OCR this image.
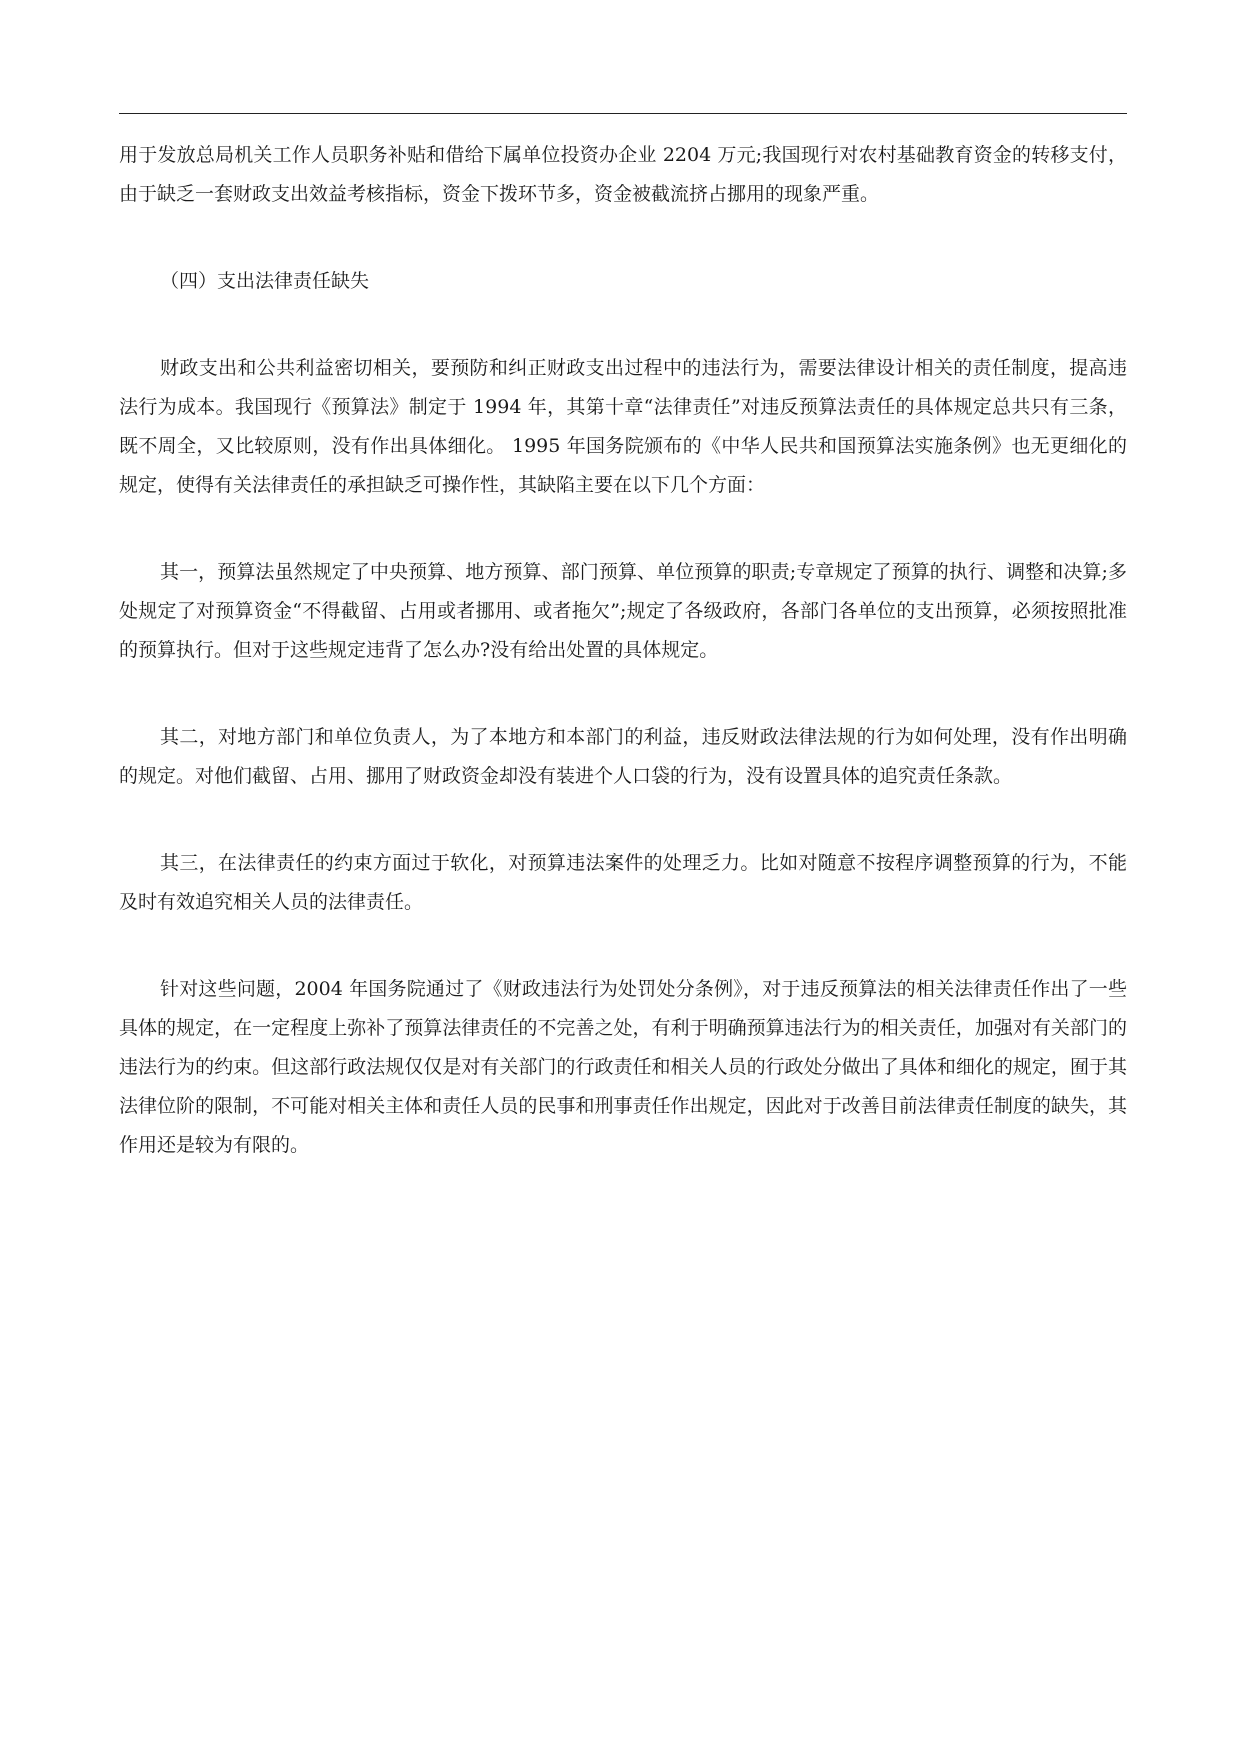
用于发放总局机关工作人员职务补贴和借给下属单位投资办企业 2204 万元;我国现行对农村基础教育资金的转移支付，由于缺乏一套财政支出效益考核指标，资金下拨环节多，资金被截流挤占挪用的现象严重。

（四）支出法律责任缺失

财政支出和公共利益密切相关，要预防和纠正财政支出过程中的违法行为，需要法律设计相关的责任制度，提高违法行为成本。我国现行《预算法》制定于 1994 年，其第十章“法律责任”对违反预算法责任的具体规定总共只有三条，既不周全，又比较原则，没有作出具体细化。 1995 年国务院颁布的《中华人民共和国预算法实施条例》也无更细化的规定，使得有关法律责任的承担缺乏可操作性，其缺陷主要在以下几个方面：

其一，预算法虽然规定了中央预算、地方预算、部门预算、单位预算的职责;专章规定了预算的执行、调整和决算;多处规定了对预算资金“不得截留、占用或者挪用、或者拖欠”;规定了各级政府，各部门各单位的支出预算，必须按照批准的预算执行。但对于这些规定违背了怎么办?没有给出处置的具体规定。

其二，对地方部门和单位负责人，为了本地方和本部门的利益，违反财政法律法规的行为如何处理，没有作出明确的规定。对他们截留、占用、挪用了财政资金却没有装进个人口袋的行为，没有设置具体的追究责任条款。

其三，在法律责任的约束方面过于软化，对预算违法案件的处理乏力。比如对随意不按程序调整预算的行为，不能及时有效追究相关人员的法律责任。

针对这些问题，2004 年国务院通过了《财政违法行为处罚处分条例》，对于违反预算法的相关法律责任作出了一些具体的规定，在一定程度上弥补了预算法律责任的不完善之处，有利于明确预算违法行为的相关责任，加强对有关部门的违法行为的约束。但这部行政法规仅仅是对有关部门的行政责任和相关人员的行政处分做出了具体和细化的规定，囿于其法律位阶的限制，不可能对相关主体和责任人员的民事和刑事责任作出规定，因此对于改善目前法律责任制度的缺失，其作用还是较为有限的。
